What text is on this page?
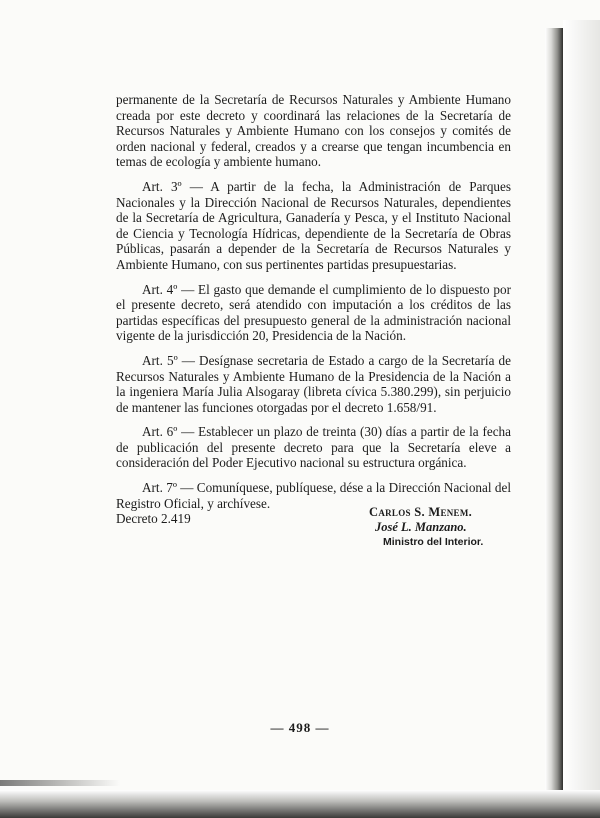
permanente de la Secretaría de Recursos Naturales y Ambiente Humano creada por este decreto y coordinará las relaciones de la Secretaría de Recursos Naturales y Ambiente Humano con los consejos y comités de orden nacional y federal, creados y a crearse que tengan incumbencia en temas de ecología y ambiente humano.

Art. 3º — A partir de la fecha, la Administración de Parques Nacionales y la Dirección Nacional de Recursos Naturales, dependientes de la Secretaría de Agricultura, Ganadería y Pesca, y el Instituto Nacional de Ciencia y Tecnología Hídricas, dependiente de la Secretaría de Obras Públicas, pasarán a depender de la Secretaría de Recursos Naturales y Ambiente Humano, con sus pertinentes partidas presupuestarias.

Art. 4º — El gasto que demande el cumplimiento de lo dispuesto por el presente decreto, será atendido con imputación a los créditos de las partidas específicas del presupuesto general de la administración nacional vigente de la jurisdicción 20, Presidencia de la Nación.

Art. 5º — Desígnase secretaria de Estado a cargo de la Secretaría de Recursos Naturales y Ambiente Humano de la Presidencia de la Nación a la ingeniera María Julia Alsogaray (libreta cívica 5.380.299), sin perjuicio de mantener las funciones otorgadas por el decreto 1.658/91.

Art. 6º — Establecer un plazo de treinta (30) días a partir de la fecha de publicación del presente decreto para que la Secretaría eleve a consideración del Poder Ejecutivo nacional su estructura orgánica.

Art. 7º — Comuníquese, publíquese, dése a la Dirección Nacional del Registro Oficial, y archívese.

Decreto 2.419	Carlos S. Menem.
José L. Manzano.
Ministro del Interior.
— 498 —
